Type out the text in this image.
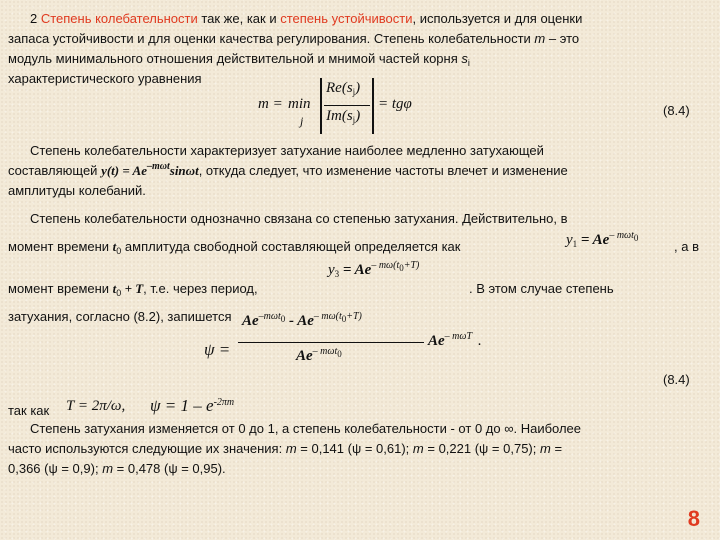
2 Степень колебательности так же, как и степень устойчивости, используется и для оценки
запаса устойчивости и для оценки качества регулирования. Степень колебательности m – это
модуль минимального отношения действительной и мнимой частей корня $s_i$
характеристического уравнения
m = min
j
$Re(s_j)$
$Im(s_j)$
= tgφ	(8.4)
Степень колебательности характеризует затухание наиболее медленно затухающей
составляющей $y(t) = Ae^{-m\omega t}\sin\omega t$, откуда следует, что изменение частоты влечет и изменение
амплитуды колебаний.
Степень колебательности однозначно связана со степенью затухания. Действительно, в
момент времени $t_0$ амплитуда свободной составляющей определяется как	$y_1 = Ae^{- m\omega t0}$
, а в
момент времени $t_0 + T$, т.е. через период,
$y_3 = Ae^{- m\omega(t0+T)}$
. В этом случае степень
затухания, согласно (8.2), запишется
ψ =
$Ae^{-m\omega t0} - Ae^{- m\omega(t0+T)}$
$Ae^{- m\omega t0}$
$Ae^{- m\omega T}$ .
(8.4)
так как T = 2π/ω, $\psi = 1 - e^{-2\pi m}$
Степень затухания изменяется от 0 до 1, а степень колебательности - от 0 до ∞. Наиболее
часто используются следующие их значения: m = 0,141 (ψ = 0,61); m = 0,221 (ψ = 0,75); m =
0,366 (ψ = 0,9); m = 0,478 (ψ = 0,95).
8
